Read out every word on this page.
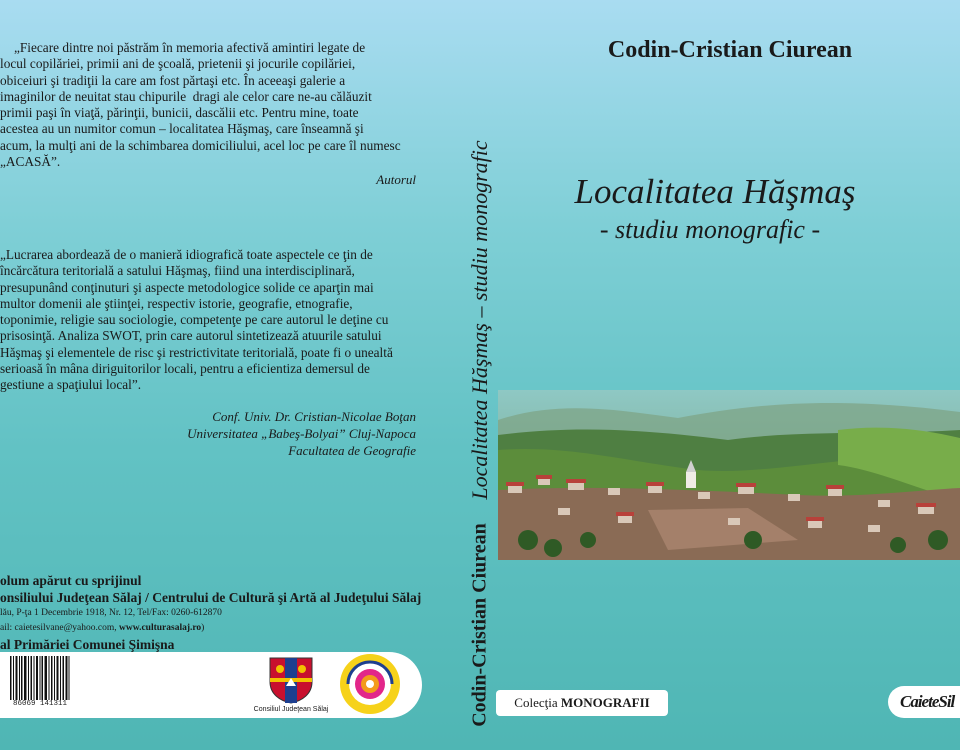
„Fiecare dintre noi păstrăm în memoria afectivă amintiri legate de
locul copilăriei, primii ani de şcoală, prietenii şi jocurile copilăriei,
obiceiuri şi tradiţii la care am fost părtaşi etc. În aceeaşi galerie a
imaginilor de neuitat stau chipurile  dragi ale celor care ne-au călăuzit
primii paşi în viaţă, părinţii, bunicii, dascălii etc. Pentru mine, toate
acestea au un numitor comun – localitatea Hăşmaş, care înseamnă şi
acum, la mulţi ani de la schimbarea domiciliului, acel loc pe care îl numesc
„ACASĂ”.

Autorul

„Lucrarea abordează de o manieră idiografică toate aspectele ce ţin de
încărcătura teritorială a satului Hăşmaş, fiind una interdisciplinară,
presupunând conţinuturi şi aspecte metodologice solide ce aparţin mai
multor domenii ale ştiinţei, respectiv istorie, geografie, etnografie,
toponimie, religie sau sociologie, competenţe pe care autorul le deţine cu
prisosinţă. Analiza SWOT, prin care autorul sintetizează atuurile satului
Hăşmaş şi elementele de risc şi restrictivitate teritorială, poate fi o unealtă
serioasă în mâna diriguitorilor locali, pentru a eficientiza demersul de
gestiune a spaţiului local”.

Conf. Univ. Dr. Cristian-Nicolae Boţan
Universitatea „Babeş-Bolyai” Cluj-Napoca
Facultatea de Geografie
olum apărut cu sprijinul
onsiliului Judeţean Sălaj / Centrului de Cultură şi Artă al Judeţului Sălaj
lău, P-ţa 1 Decembrie 1918, Nr. 12, Tel/Fax: 0260-612870
ail: caietesilvane@yahoo.com, www.culturasalaj.ro)
al Primăriei Comunei Şimişna
86069 141311
Consiliul Judeţean Sălaj
Localitatea Hăşmaş – studiu monografic
Codin-Cristian Ciurean
Codin-Cristian Ciurean
Localitatea Hăşmaş
- studiu monografic -
Colecţia MONOGRAFII	CaieteSil
